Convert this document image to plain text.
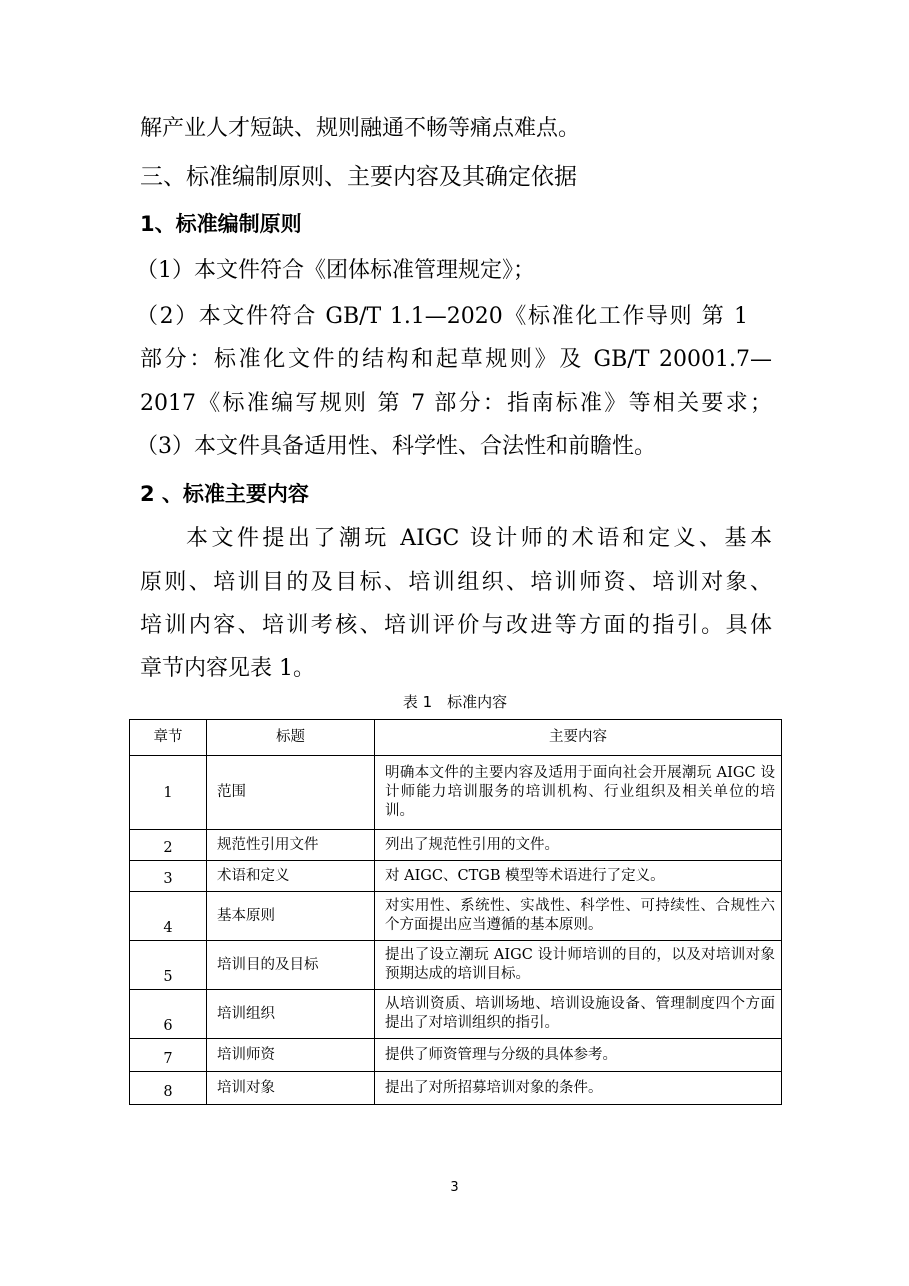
解产业人才短缺、规则融通不畅等痛点难点。
三、标准编制原则、主要内容及其确定依据
1、标准编制原则
（1）本文件符合《团体标准管理规定》；
（2）本文件符合 GB/T 1.1—2020《标准化工作导则 第 1
部分：标准化文件的结构和起草规则》及 GB/T 20001.7—
2017《标准编写规则 第 7 部分：指南标准》等相关要求；
（3）本文件具备适用性、科学性、合法性和前瞻性。
2 、标准主要内容
本文件提出了潮玩 AIGC 设计师的术语和定义、基本
原则、培训目的及目标、培训组织、培训师资、培训对象、
培训内容、培训考核、培训评价与改进等方面的指引。具体
章节内容见表 1。
表 1　标准内容
章节	标题	主要内容
1	范围	明确本文件的主要内容及适用于面向社会开展潮玩 AIGC 设计师能力培训服务的培训机构、行业组织及相关单位的培训。
2	规范性引用文件	列出了规范性引用的文件。
3	术语和定义	对 AIGC、CTGB 模型等术语进行了定义。
4	基本原则	对实用性、系统性、实战性、科学性、可持续性、合规性六个方面提出应当遵循的基本原则。
5	培训目的及目标	提出了设立潮玩 AIGC 设计师培训的目的，以及对培训对象预期达成的培训目标。
6	培训组织	从培训资质、培训场地、培训设施设备、管理制度四个方面提出了对培训组织的指引。
7	培训师资	提供了师资管理与分级的具体参考。
8	培训对象	提出了对所招募培训对象的条件。
3
